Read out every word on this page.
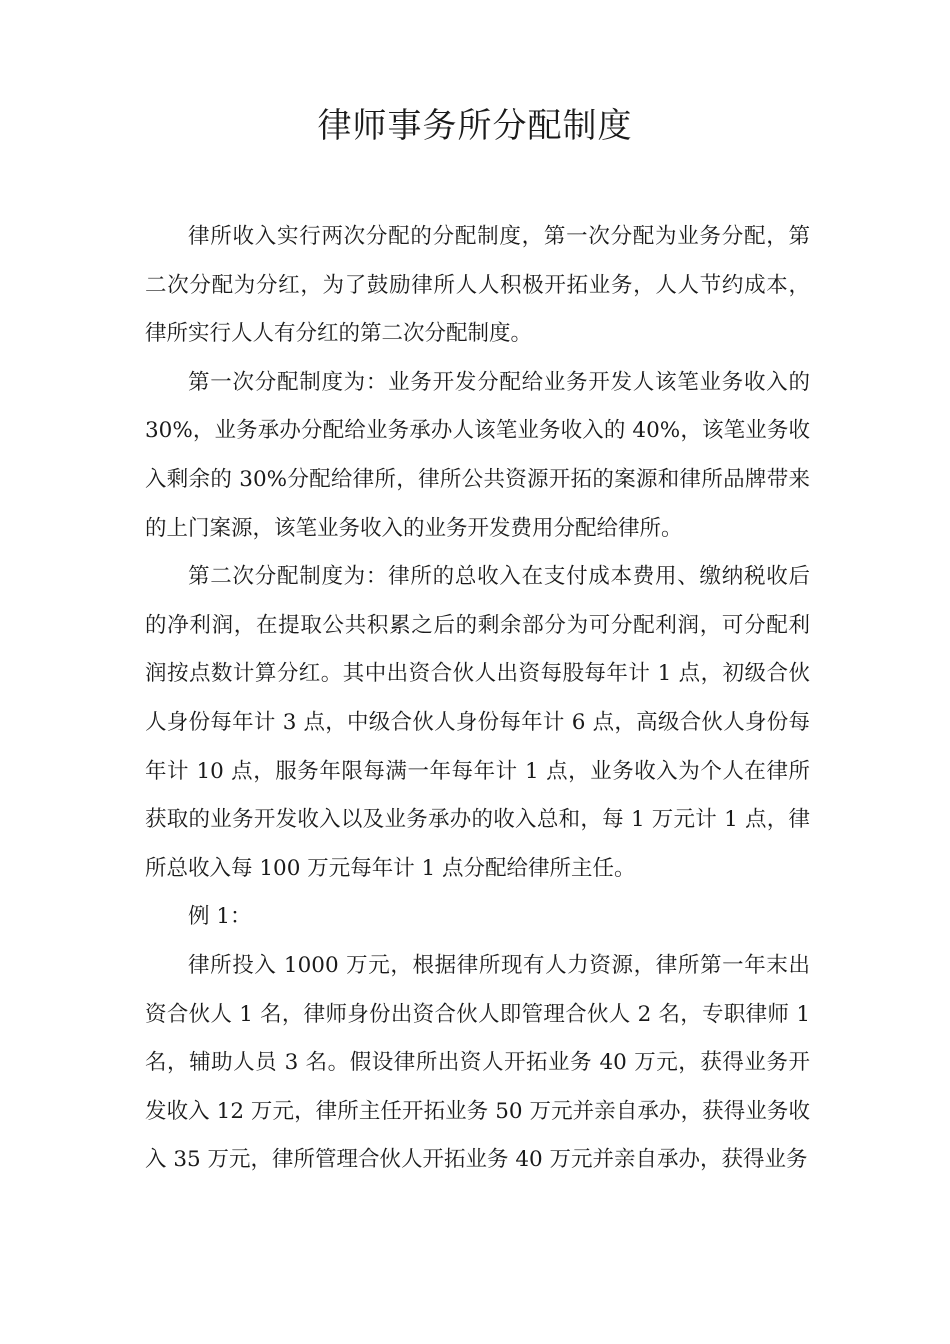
律师事务所分配制度

律所收入实行两次分配的分配制度，第一次分配为业务分配，第二次分配为分红，为了鼓励律所人人积极开拓业务，人人节约成本，律所实行人人有分红的第二次分配制度。

第一次分配制度为：业务开发分配给业务开发人该笔业务收入的30%，业务承办分配给业务承办人该笔业务收入的 40%，该笔业务收入剩余的 30%分配给律所，律所公共资源开拓的案源和律所品牌带来的上门案源，该笔业务收入的业务开发费用分配给律所。

第二次分配制度为：律所的总收入在支付成本费用、缴纳税收后的净利润，在提取公共积累之后的剩余部分为可分配利润，可分配利润按点数计算分红。其中出资合伙人出资每股每年计 1 点，初级合伙人身份每年计 3 点，中级合伙人身份每年计 6 点，高级合伙人身份每年计 10 点，服务年限每满一年每年计 1 点，业务收入为个人在律所获取的业务开发收入以及业务承办的收入总和，每 1 万元计 1 点，律所总收入每 100 万元每年计 1 点分配给律所主任。

例 1：

律所投入 1000 万元，根据律所现有人力资源，律所第一年末出资合伙人 1 名，律师身份出资合伙人即管理合伙人 2 名，专职律师 1 名，辅助人员 3 名。假设律所出资人开拓业务 40 万元，获得业务开发收入 12 万元，律所主任开拓业务 50 万元并亲自承办，获得业务收入 35 万元，律所管理合伙人开拓业务 40 万元并亲自承办，获得业务
